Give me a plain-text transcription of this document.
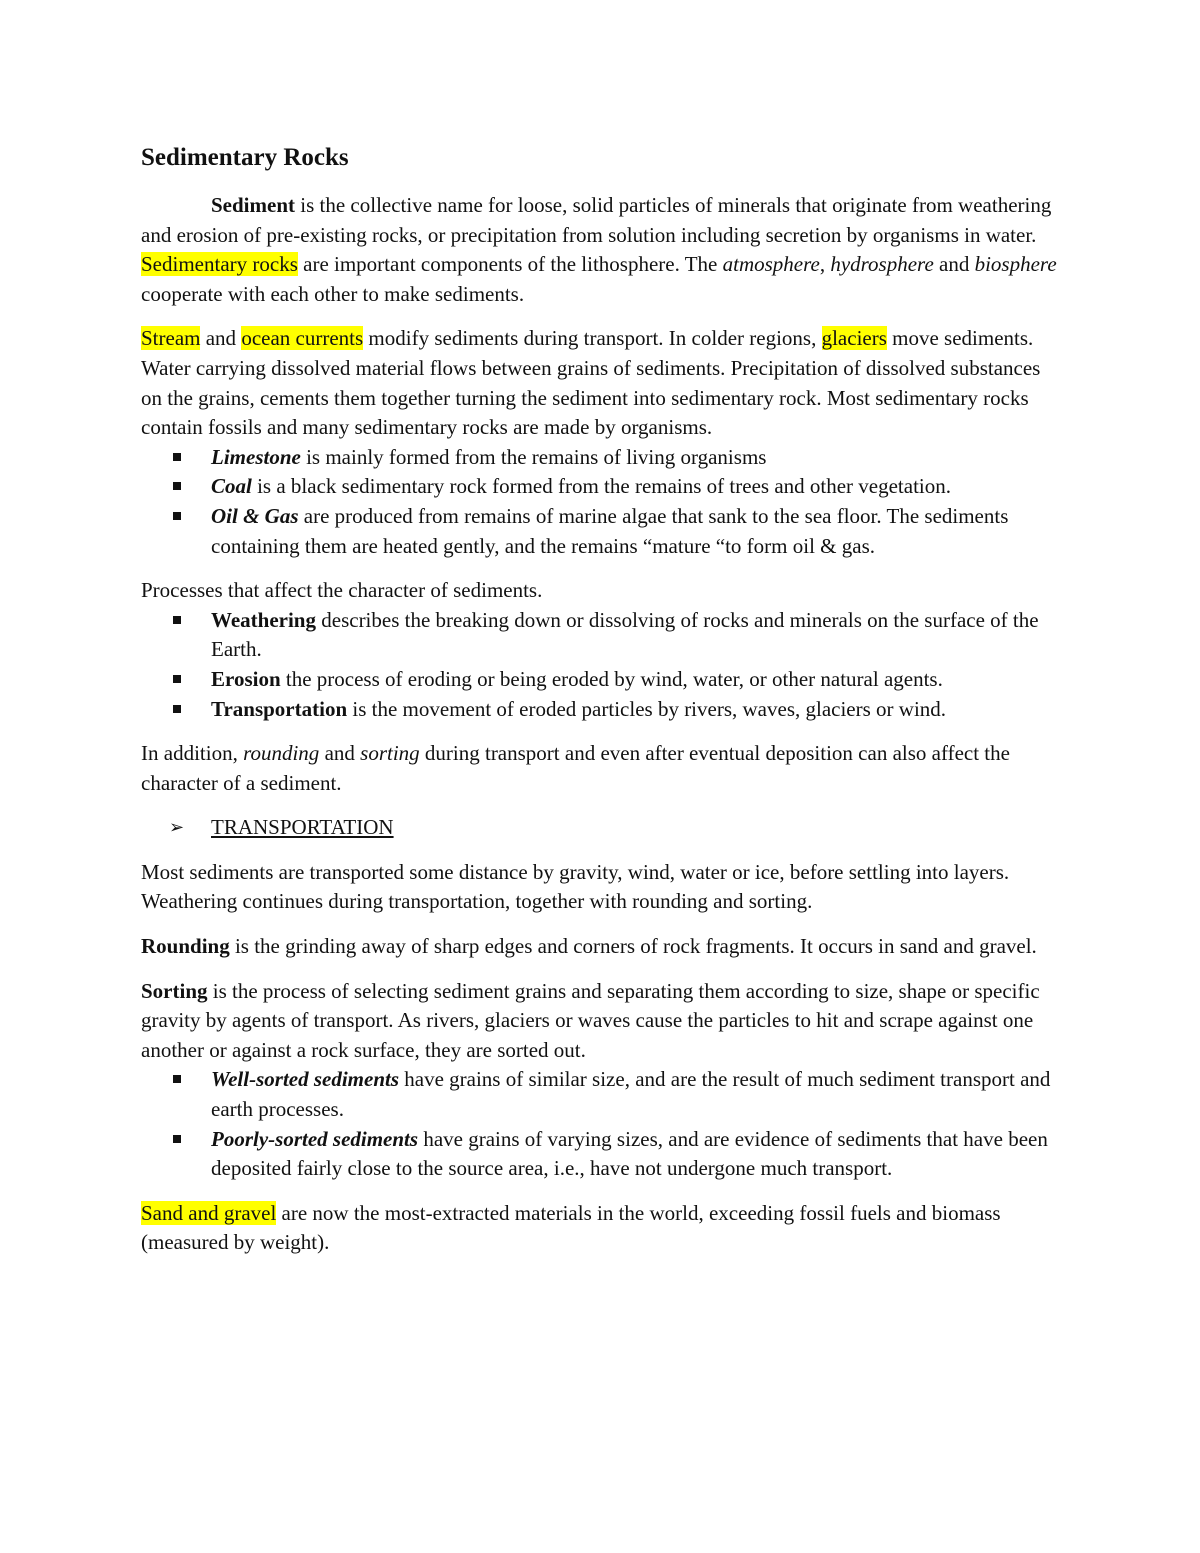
Sedimentary Rocks

Sediment is the collective name for loose, solid particles of minerals that originate from weathering and erosion of pre-existing rocks, or precipitation from solution including secretion by organisms in water. Sedimentary rocks are important components of the lithosphere. The atmosphere, hydrosphere and biosphere cooperate with each other to make sediments.

Stream and ocean currents modify sediments during transport. In colder regions, glaciers move sediments. Water carrying dissolved material flows between grains of sediments. Precipitation of dissolved substances on the grains, cements them together turning the sediment into sedimentary rock. Most sedimentary rocks contain fossils and many sedimentary rocks are made by organisms.

Limestone is mainly formed from the remains of living organisms
Coal is a black sedimentary rock formed from the remains of trees and other vegetation.
Oil & Gas are produced from remains of marine algae that sank to the sea floor. The sediments containing them are heated gently, and the remains “mature “to form oil & gas.

Processes that affect the character of sediments.

Weathering describes the breaking down or dissolving of rocks and minerals on the surface of the Earth.
Erosion the process of eroding or being eroded by wind, water, or other natural agents.
Transportation is the movement of eroded particles by rivers, waves, glaciers or wind.

In addition, rounding and sorting during transport and even after eventual deposition can also affect the character of a sediment.

➢ TRANSPORTATION

Most sediments are transported some distance by gravity, wind, water or ice, before settling into layers. Weathering continues during transportation, together with rounding and sorting.

Rounding is the grinding away of sharp edges and corners of rock fragments. It occurs in sand and gravel.

Sorting is the process of selecting sediment grains and separating them according to size, shape or specific gravity by agents of transport. As rivers, glaciers or waves cause the particles to hit and scrape against one another or against a rock surface, they are sorted out.

Well-sorted sediments have grains of similar size, and are the result of much sediment transport and earth processes.
Poorly-sorted sediments have grains of varying sizes, and are evidence of sediments that have been deposited fairly close to the source area, i.e., have not undergone much transport.

Sand and gravel are now the most-extracted materials in the world, exceeding fossil fuels and biomass (measured by weight).
